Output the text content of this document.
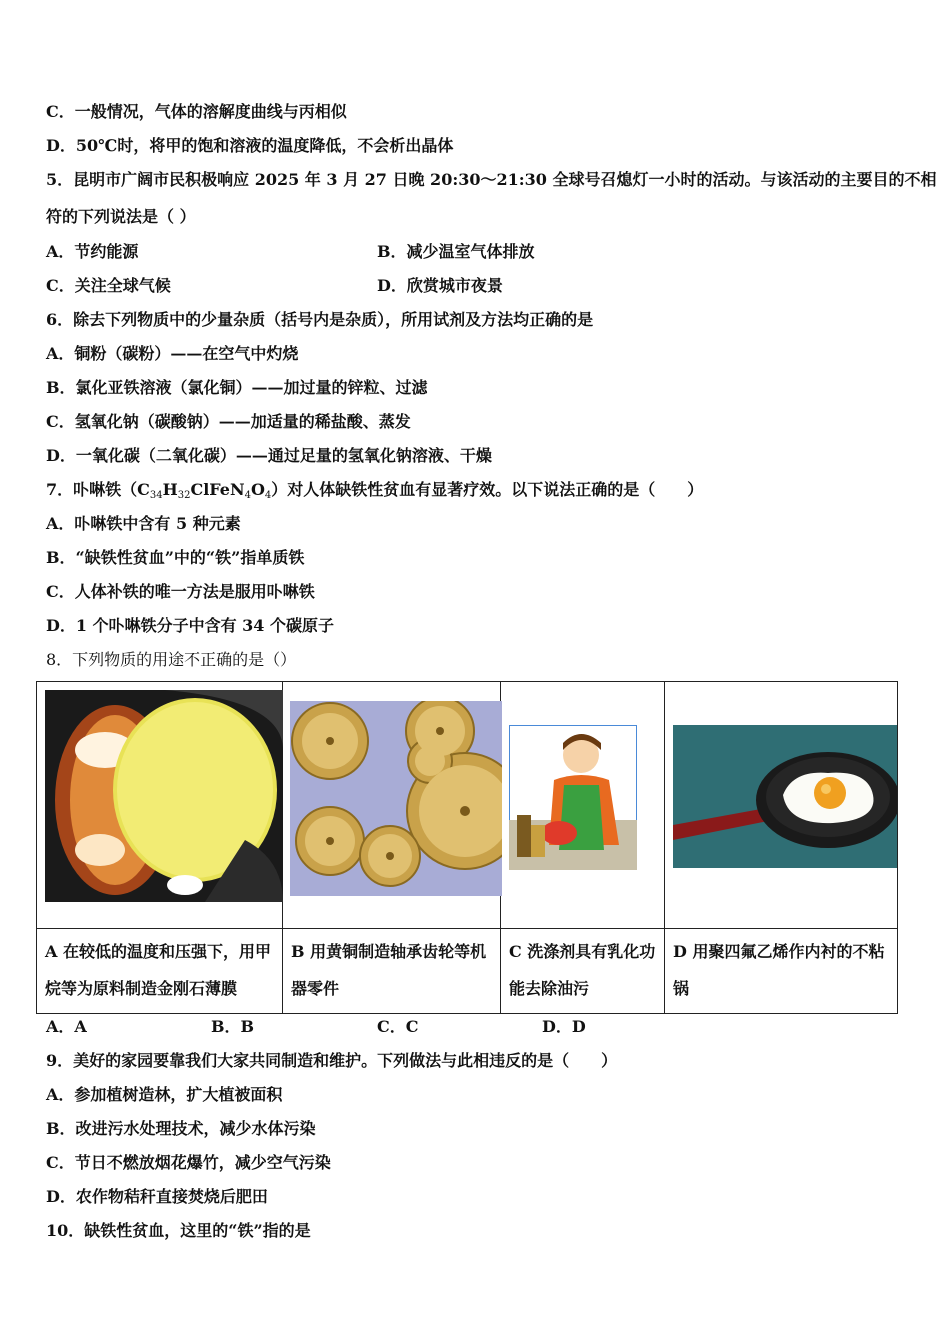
C．一般情况，气体的溶解度曲线与丙相似
D．50℃时，将甲的饱和溶液的温度降低，不会析出晶体
5．昆明市广阔市民积极响应 2025 年 3 月 27 日晚 20:30～21:30 全球号召熄灯一小时的活动。与该活动的主要目的不相
符的下列说法是（ ）
A．节约能源	B．减少温室气体排放
C．关注全球气候	D．欣赏城市夜景
6．除去下列物质中的少量杂质（括号内是杂质），所用试剂及方法均正确的是
A．铜粉（碳粉）——在空气中灼烧
B．氯化亚铁溶液（氯化铜）——加过量的锌粒、过滤
C．氢氧化钠（碳酸钠）——加适量的稀盐酸、蒸发
D．一氧化碳（二氧化碳）——通过足量的氢氧化钠溶液、干燥
7．卟啉铁$(C_{34}H_{32}ClFeN_4O_4)$对人体缺铁性贫血有显著疗效。以下说法正确的是（　　）
A．卟啉铁中含有 5 种元素
B．“缺铁性贫血”中的“铁”指单质铁
C．人体补铁的唯一方法是服用卟啉铁
D．1 个卟啉铁分子中含有 34 个碳原子
8．下列物质的用途不正确的是（）

A 在较低的温度和压强下，用甲烷等为原料制造金刚石薄膜	B 用黄铜制造轴承齿轮等机器零件	C 洗涤剂具有乳化功能去除油污	D 用聚四氟乙烯作内衬的不粘锅
A．A	B．B	C．C	D．D
9．美好的家园要靠我们大家共同制造和维护。下列做法与此相违反的是（　　）
A．参加植树造林，扩大植被面积
B．改进污水处理技术，减少水体污染
C．节日不燃放烟花爆竹，减少空气污染
D．农作物秸秆直接焚烧后肥田
10．缺铁性贫血，这里的“铁”指的是
